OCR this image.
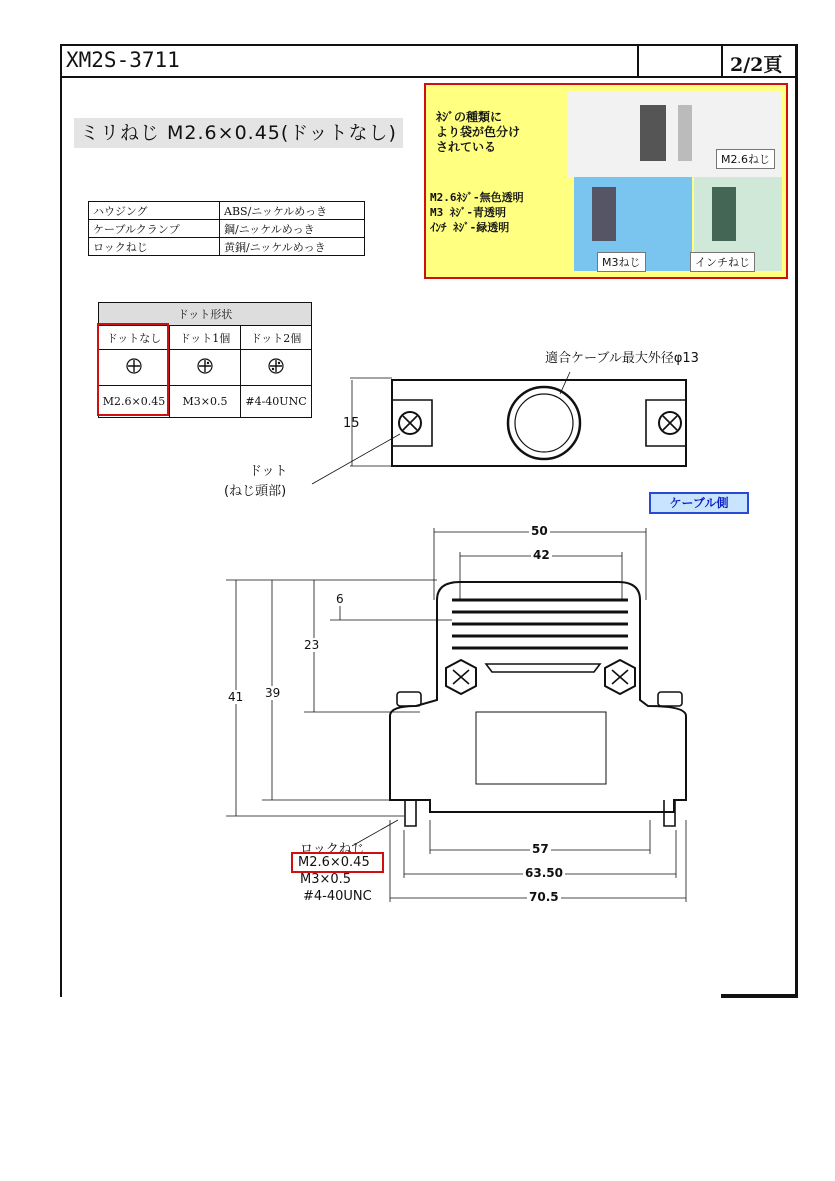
XM2S-3711	2/2頁
ミリねじ M2.6×0.45(ドットなし)
ハウジング	ABS/ニッケルめっき
ケーブルクランプ	鋼/ニッケルめっき
ロックねじ	黄銅/ニッケルめっき
ﾈｼﾞの種類に
より袋が色分け
されている
M2.6ﾈｼﾞ-無色透明
M3 ﾈｼﾞ-青透明
ｲﾝﾁ ﾈｼﾞ-緑透明
M2.6ねじ
M3ねじ	インチねじ
ドット形状		
ドットなし	ドット1個	ドット2個

M2.6×0.45	M3×0.5	#4-40UNC
適合ケーブル最大外径φ13
15
ドット
(ねじ頭部)
ケーブル側
50
42
6
23
39
41
57
63.50
70.5
ロックねじ
M2.6×0.45
M3×0.5
#4-40UNC
